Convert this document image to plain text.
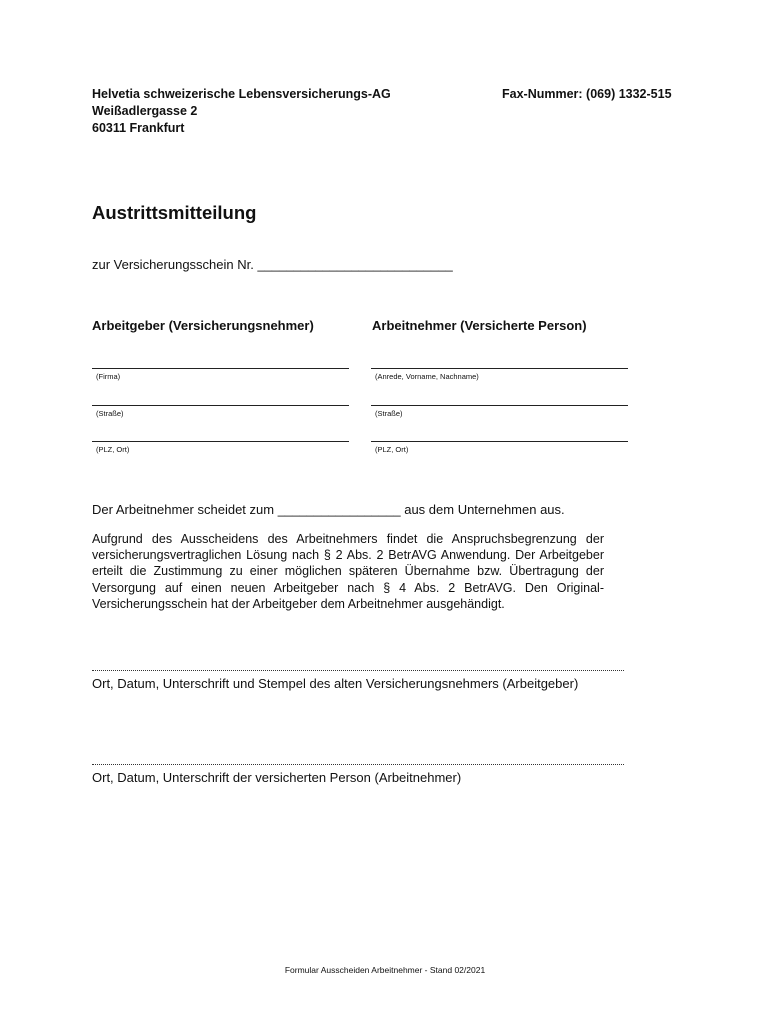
Helvetia schweizerische Lebensversicherungs-AG
Weißadlergasse 2
60311 Frankfurt
Fax-Nummer: (069) 1332-515
Austrittsmitteilung
zur Versicherungsschein Nr. ___________________________
Arbeitgeber (Versicherungsnehmer)	Arbeitnehmer (Versicherte Person)
(Firma)
(Straße)
(PLZ, Ort)
(Anrede, Vorname, Nachname)
(Straße)
(PLZ, Ort)
Der Arbeitnehmer scheidet zum _________________ aus dem Unternehmen aus.
Aufgrund des Ausscheidens des Arbeitnehmers findet die Anspruchsbegrenzung der versicherungsvertraglichen Lösung nach § 2 Abs. 2 BetrAVG Anwendung. Der Arbeitgeber erteilt die Zustimmung zu einer möglichen späteren Übernahme bzw. Übertragung der Versorgung auf einen neuen Arbeitgeber nach § 4 Abs. 2 BetrAVG. Den Original-Versicherungsschein hat der Arbeitgeber dem Arbeitnehmer ausgehändigt.
Ort, Datum, Unterschrift und Stempel des alten Versicherungsnehmers (Arbeitgeber)
Ort, Datum, Unterschrift der versicherten Person (Arbeitnehmer)
Formular Ausscheiden Arbeitnehmer - Stand 02/2021
